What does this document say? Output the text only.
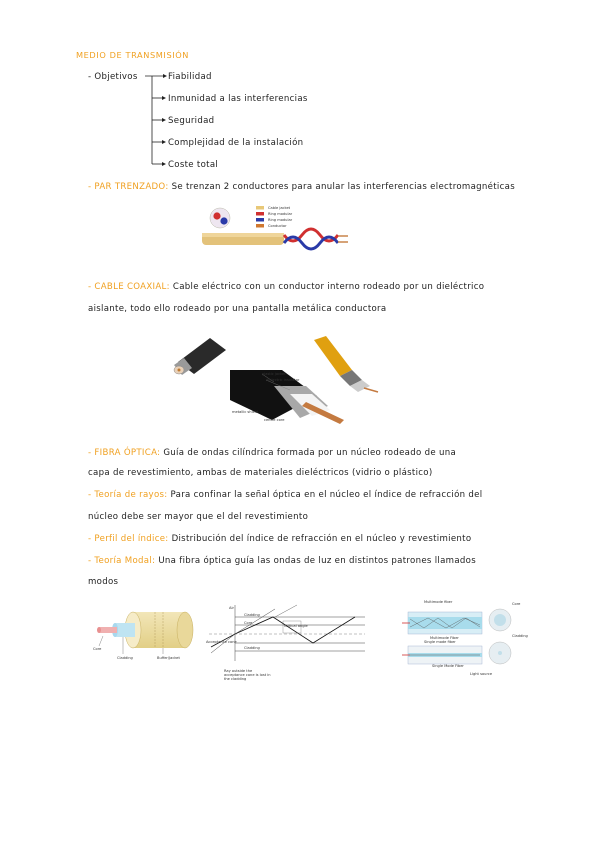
MEDIO DE TRANSMISIÓN
- Objetivos	Fiabilidad
Inmunidad a las interferencias
Seguridad
Complejidad de la instalación
Coste total
- PAR TRENZADO: Se trenzan 2 conductores para anular las interferencias electromagnéticas
Cable jacket
Ring modular
Ring modular
Conductor
- CABLE COAXIAL: Cable eléctrico con un conductor interno rodeado por un dieléctrico
aislante, todo ello rodeado por una pantalla metálica conductora
plastic jacket
dielectric insulator
metallic shield
centre core
- FIBRA ÓPTICA: Guía de ondas cilíndrica formada por un núcleo rodeado de una
capa de revestimiento, ambas de materiales dieléctricos (vidrio o plástico)
- Teoría de rayos: Para confinar la señal óptica en el núcleo el índice de refracción del
núcleo debe ser mayor que el del revestimiento
- Perfil del índice: Distribución del índice de refracción en el núcleo y revestimiento
- Teoría Modal: Una fibra óptica guía las ondas de luz en distintos patrones llamados
modos
Core
Cladding	Buffer/Jacket
Air
Cladding
Core
Cladding
Acceptance cone
Ray outside the acceptance cone is lost in the cladding
Critical angle
Multimode fiber
Single mode fiber
Multimode Fiber
Single Mode Fiber
Core
Cladding
Light source
